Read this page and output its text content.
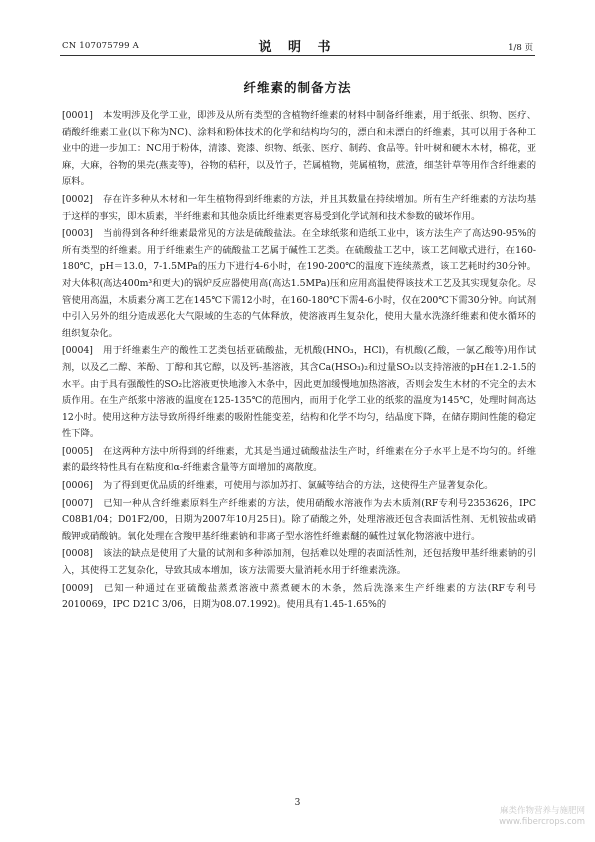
CN 107075799 A	说 明 书	1/8 页
纤维素的制备方法

[0001] 本发明涉及化学工业，即涉及从所有类型的含植物纤维素的材料中制备纤维素，用于纸张、织物、医疗、硝酸纤维素工业(以下称为NC)、涂料和粉体技术的化学和结构均匀的，漂白和未漂白的纤维素，其可以用于各种工业中的进一步加工：NC用于粉体，清漆、瓷漆、织物、纸张、医疗、制药、食品等。针叶树和硬木木材，棉花，亚麻，大麻，谷物的果壳(燕麦等)，谷物的秸秆，以及竹子，芒属植物，莞属植物，蔗渣，细茎针草等用作含纤维素的原料。

[0002] 存在许多种从木材和一年生植物得到纤维素的方法，并且其数量在持续增加。所有生产纤维素的方法均基于这样的事实，即木质素，半纤维素和其他杂质比纤维素更容易受到化学试剂和技术参数的破坏作用。

[0003] 当前得到各种纤维素最常见的方法是硫酸盐法。在全球纸浆和造纸工业中，该方法生产了高达90-95%的所有类型的纤维素。用于纤维素生产的硫酸盐工艺属于碱性工艺类。在硫酸盐工艺中，该工艺间歇式进行，在160-180℃，pH＝13.0，7-1.5MPa的压力下进行4-6小时，在190-200℃的温度下连续蒸煮，该工艺耗时约30分钟。对大体积(高达400m³和更大)的锅炉反应器使用高(高达1.5MPa)压和应用高温使得该技术工艺及其实现复杂化。尽管使用高温，木质素分离工艺在145℃下需12小时，在160-180℃下需4-6小时，仅在200℃下需30分钟。向试剂中引入另外的组分造成恶化大气限域的生态的气体释放，使溶液再生复杂化，使用大量水洗涤纤维素和使水循环的组织复杂化。

[0004] 用于纤维素生产的酸性工艺类包括亚硫酸盐，无机酸(HNO₃，HCl)，有机酸(乙酸，一氯乙酸等)用作试剂，以及乙二醇、苯酚、丁醇和其它醇，以及钙-基溶液，其含Ca(HSO₃)₂和过量SO₂以支持溶液的pH在1.2-1.5的水平。由于具有强酸性的SO₂比溶液更快地渗入木条中，因此更加缓慢地加热溶液，否则会发生木材的不完全的去木质作用。在生产纸浆中溶液的温度在125-135℃的范围内，而用于化学工业的纸浆的温度为145℃，处理时间高达12小时。使用这种方法导致所得纤维素的吸附性能变差，结构和化学不均匀，结晶度下降，在储存期间性能的稳定性下降。

[0005] 在这两种方法中所得到的纤维素，尤其是当通过硫酸盐法生产时，纤维素在分子水平上是不均匀的。纤维素的最终特性具有在粘度和α-纤维素含量等方面增加的离散度。

[0006] 为了得到更优品质的纤维素，可使用与添加苏打、氯碱等结合的方法，这使得生产显著复杂化。

[0007] 已知一种从含纤维素原料生产纤维素的方法，使用硝酸水溶液作为去木质剂(RF专利号2353626，IPC C08B1/04；D01F2/00，日期为2007年10月25日)。除了硝酸之外，处理溶液还包含表面活性剂、无机铵盐或硝酸钾或硝酸钠。氧化处理在含羧甲基纤维素钠和非离子型水溶性纤维素醚的碱性过氧化物溶液中进行。

[0008] 该法的缺点是使用了大量的试剂和多种添加剂，包括难以处理的表面活性剂，还包括羧甲基纤维素钠的引入，其使得工艺复杂化，导致其成本增加，该方法需要大量消耗水用于纤维素洗涤。

[0009] 已知一种通过在亚硫酸盐蒸煮溶液中蒸煮硬木的木条，然后洗涤来生产纤维素的方法(RF专利号2010069，IPC D21C 3/06，日期为08.07.1992)。使用具有1.45-1.65%的

3
麻类作物营养与施肥网
www.fibercrops.com
